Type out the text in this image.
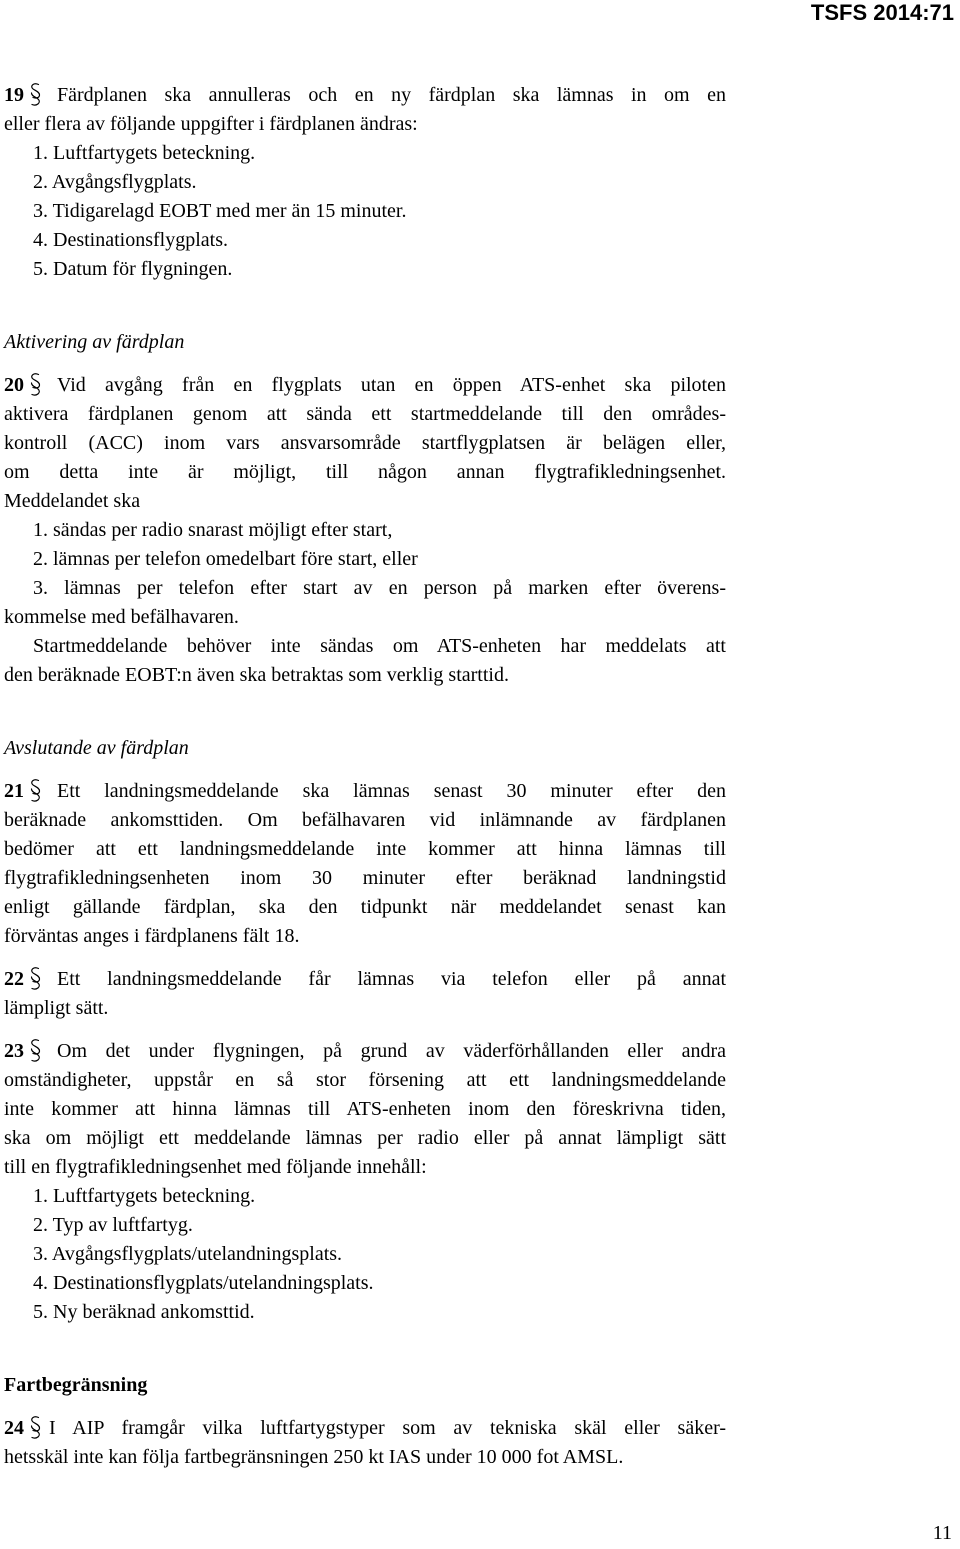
TSFS 2014:71

19 Färdplanen ska annulleras och en ny färdplan ska lämnas in om en

eller flera av följande uppgifter i färdplanen ändras:

1. Luftfartygets beteckning.

2. Avgångsflygplats.

3. Tidigarelagd EOBT med mer än 15 minuter.

4. Destinationsflygplats.

5. Datum för flygningen.

Aktivering av färdplan

20 Vid avgång från en flygplats utan en öppen ATS-enhet ska piloten

aktivera färdplanen genom att sända ett startmeddelande till den områdes-

kontroll (ACC) inom vars ansvarsområde startflygplatsen är belägen eller,

om detta inte är möjligt, till någon annan flygtrafikledningsenhet.

Meddelandet ska

1. sändas per radio snarast möjligt efter start,

2. lämnas per telefon omedelbart före start, eller

3. lämnas per telefon efter start av en person på marken efter överens-

kommelse med befälhavaren.

Startmeddelande behöver inte sändas om ATS-enheten har meddelats att

den beräknade EOBT:n även ska betraktas som verklig starttid.

Avslutande av färdplan

21 Ett landningsmeddelande ska lämnas senast 30 minuter efter den

beräknade ankomsttiden. Om befälhavaren vid inlämnande av färdplanen

bedömer att ett landningsmeddelande inte kommer att hinna lämnas till

flygtrafikledningsenheten inom 30 minuter efter beräknad landningstid

enligt gällande färdplan, ska den tidpunkt när meddelandet senast kan

förväntas anges i färdplanens fält 18.

22 Ett landningsmeddelande får lämnas via telefon eller på annat

lämpligt sätt.

23 Om det under flygningen, på grund av väderförhållanden eller andra

omständigheter, uppstår en så stor försening att ett landningsmeddelande

inte kommer att hinna lämnas till ATS-enheten inom den föreskrivna tiden,

ska om möjligt ett meddelande lämnas per radio eller på annat lämpligt sätt

till en flygtrafikledningsenhet med följande innehåll:

1. Luftfartygets beteckning.

2. Typ av luftfartyg.

3. Avgångsflygplats/utelandningsplats.

4. Destinationsflygplats/utelandningsplats.

5. Ny beräknad ankomsttid.

Fartbegränsning

24 I AIP framgår vilka luftfartygstyper som av tekniska skäl eller säker-

hetsskäl inte kan följa fartbegränsningen 250 kt IAS under 10 000 fot AMSL.

11
